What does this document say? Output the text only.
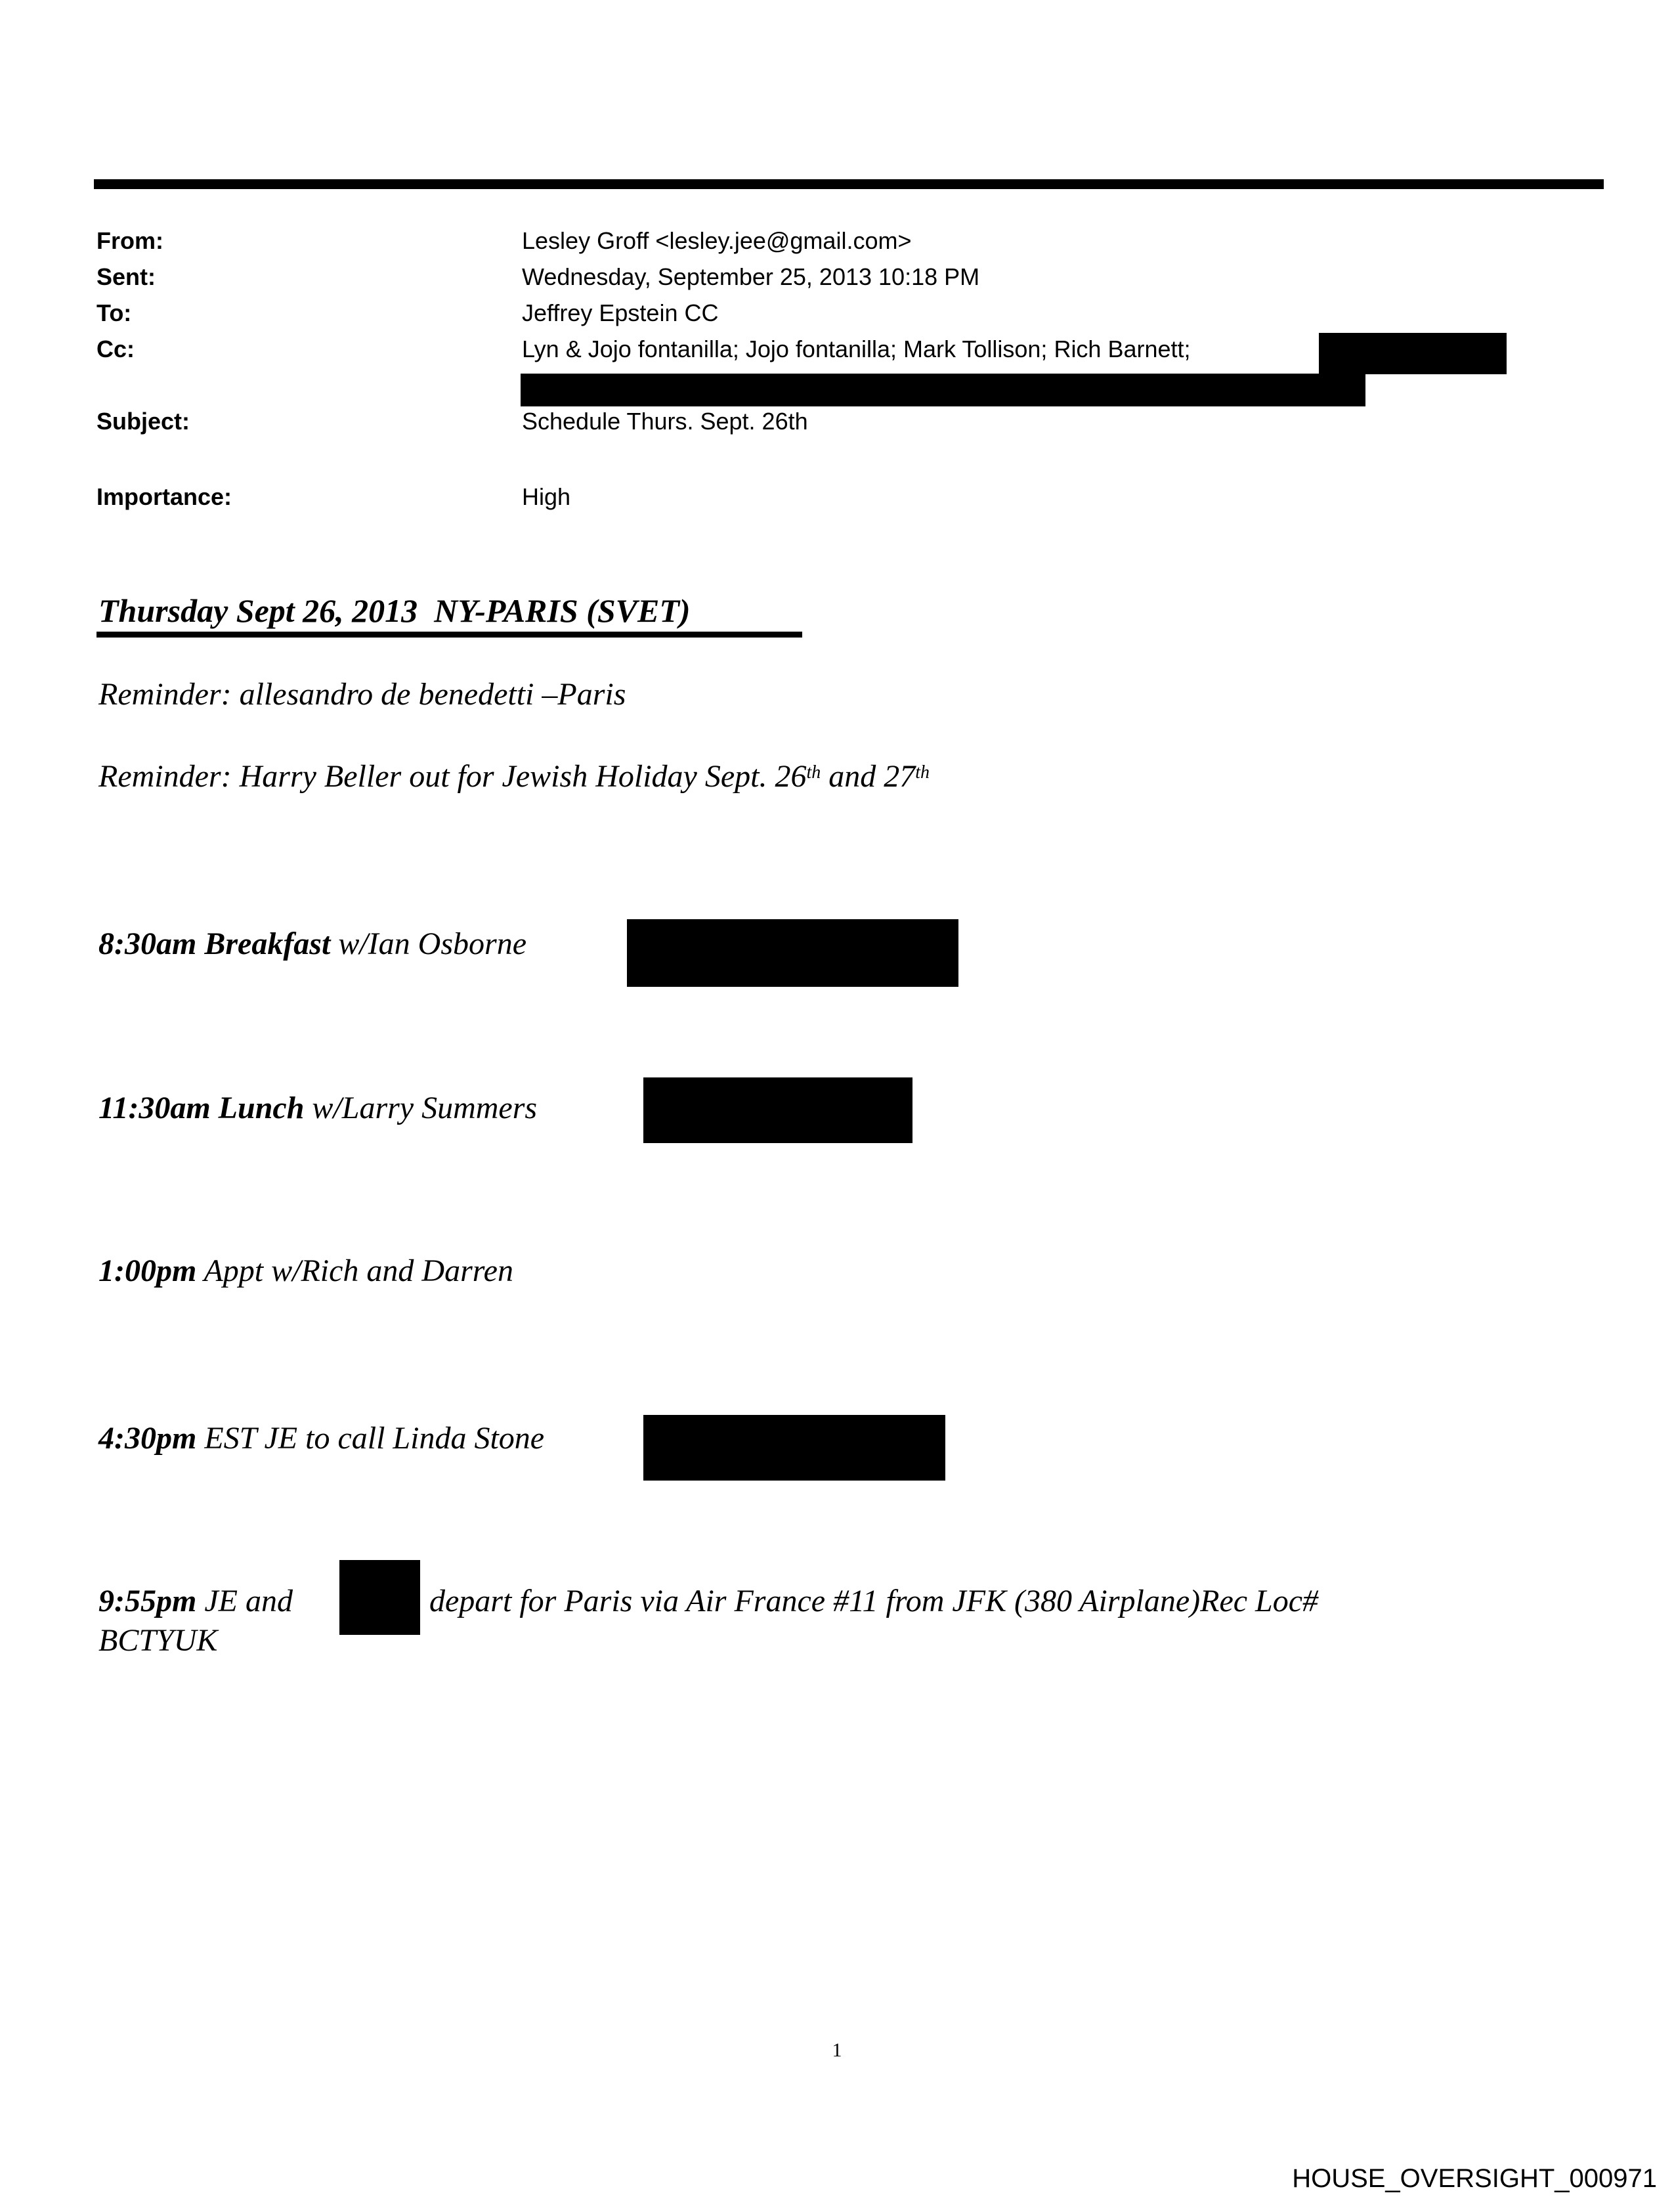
From:	Lesley Groff <lesley.jee@gmail.com>
Sent:	Wednesday, September 25, 2013 10:18 PM
To:	Jeffrey Epstein CC
Cc:	Lyn & Jojo fontanilla; Jojo fontanilla; Mark Tollison; Rich Barnett;
Subject:	Schedule Thurs. Sept. 26th
Importance:	High
Thursday Sept 26, 2013  NY-PARIS (SVET)
Reminder: allesandro de benedetti –Paris
Reminder: Harry Beller out for Jewish Holiday Sept. 26th and 27th
8:30am Breakfast w/Ian Osborne
11:30am Lunch w/Larry Summers
1:00pm Appt w/Rich and Darren
4:30pm EST JE to call Linda Stone
9:55pm JE and	depart for Paris via Air France #11 from JFK (380 Airplane)Rec Loc#
BCTYUK
1
HOUSE_OVERSIGHT_000971
